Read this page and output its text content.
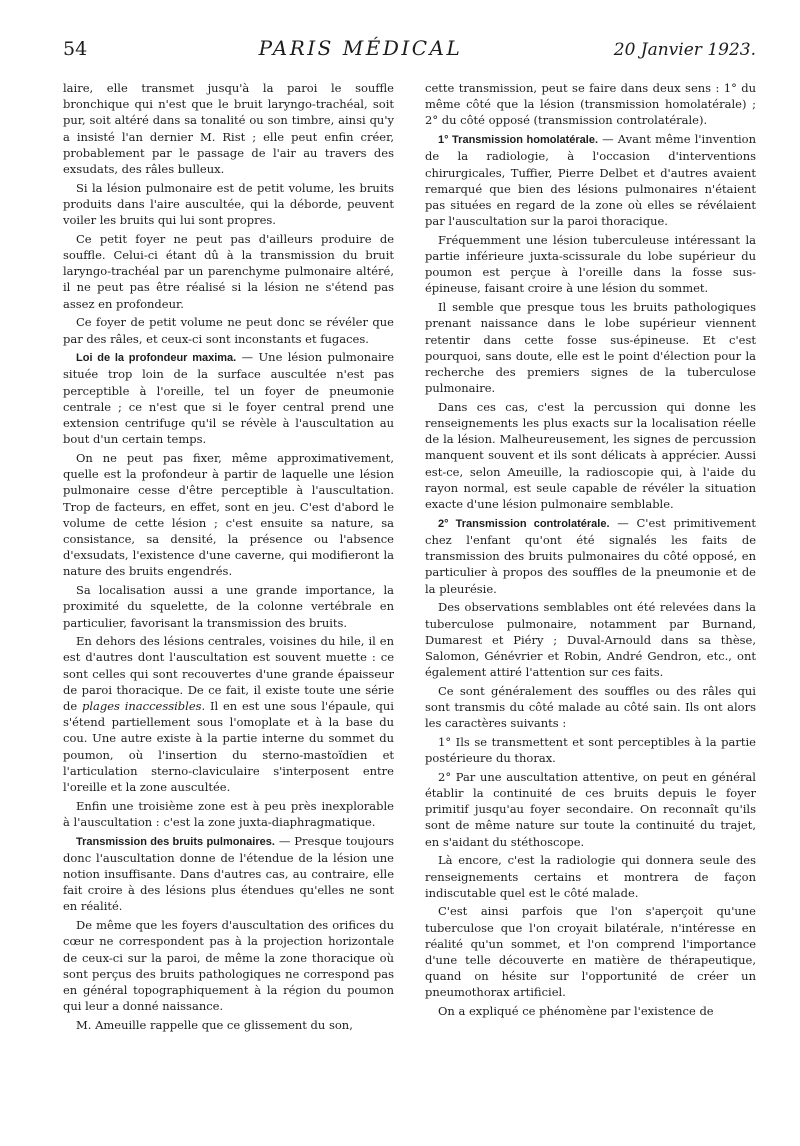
54	PARIS MÉDICAL	20 Janvier 1923.

laire, elle transmet jusqu'à la paroi le souffle bronchique qui n'est que le bruit laryngo-trachéal, soit pur, soit altéré dans sa tonalité ou son timbre, ainsi qu'y a insisté l'an dernier M. Rist ; elle peut enfin créer, probablement par le passage de l'air au travers des exsudats, des râles bulleux.

Si la lésion pulmonaire est de petit volume, les bruits produits dans l'aire auscultée, qui la déborde, peuvent voiler les bruits qui lui sont propres.

Ce petit foyer ne peut pas d'ailleurs produire de souffle. Celui-ci étant dû à la transmission du bruit laryngo-trachéal par un parenchyme pulmonaire altéré, il ne peut pas être réalisé si la lésion ne s'étend pas assez en profondeur.

Ce foyer de petit volume ne peut donc se révéler que par des râles, et ceux-ci sont inconstants et fugaces.

Loi de la profondeur maxima. — Une lésion pulmonaire située trop loin de la surface auscultée n'est pas perceptible à l'oreille, tel un foyer de pneumonie centrale ; ce n'est que si le foyer central prend une extension centrifuge qu'il se révèle à l'auscultation au bout d'un certain temps.

On ne peut pas fixer, même approximativement, quelle est la profondeur à partir de laquelle une lésion pulmonaire cesse d'être perceptible à l'auscultation. Trop de facteurs, en effet, sont en jeu. C'est d'abord le volume de cette lésion ; c'est ensuite sa nature, sa consistance, sa densité, la présence ou l'absence d'exsudats, l'existence d'une caverne, qui modifieront la nature des bruits engendrés.

Sa localisation aussi a une grande importance, la proximité du squelette, de la colonne vertébrale en particulier, favorisant la transmission des bruits.

En dehors des lésions centrales, voisines du hile, il en est d'autres dont l'auscultation est souvent muette : ce sont celles qui sont recouvertes d'une grande épaisseur de paroi thoracique. De ce fait, il existe toute une série de plages inaccessibles. Il en est une sous l'épaule, qui s'étend partiellement sous l'omoplate et à la base du cou. Une autre existe à la partie interne du sommet du poumon, où l'insertion du sterno-mastoïdien et l'articulation sterno-claviculaire s'interposent entre l'oreille et la zone auscultée.

Enfin une troisième zone est à peu près inexplorable à l'auscultation : c'est la zone juxta-diaphragmatique.

Transmission des bruits pulmonaires. — Presque toujours donc l'auscultation donne de l'étendue de la lésion une notion insuffisante. Dans d'autres cas, au contraire, elle fait croire à des lésions plus étendues qu'elles ne sont en réalité.

De même que les foyers d'auscultation des orifices du cœur ne correspondent pas à la projection horizontale de ceux-ci sur la paroi, de même la zone thoracique où sont perçus des bruits pathologiques ne correspond pas en général topographiquement à la région du poumon qui leur a donné naissance.

M. Ameuille rappelle que ce glissement du son,

cette transmission, peut se faire dans deux sens : 1° du même côté que la lésion (transmission homolatérale) ; 2° du côté opposé (transmission controlatérale).

1° Transmission homolatérale. — Avant même l'invention de la radiologie, à l'occasion d'interventions chirurgicales, Tuffier, Pierre Delbet et d'autres avaient remarqué que bien des lésions pulmonaires n'étaient pas situées en regard de la zone où elles se révélaient par l'auscultation sur la paroi thoracique.

Fréquemment une lésion tuberculeuse intéressant la partie inférieure juxta-scissurale du lobe supérieur du poumon est perçue à l'oreille dans la fosse sus-épineuse, faisant croire à une lésion du sommet.

Il semble que presque tous les bruits pathologiques prenant naissance dans le lobe supérieur viennent retentir dans cette fosse sus-épineuse. Et c'est pourquoi, sans doute, elle est le point d'élection pour la recherche des premiers signes de la tuberculose pulmonaire.

Dans ces cas, c'est la percussion qui donne les renseignements les plus exacts sur la localisation réelle de la lésion. Malheureusement, les signes de percussion manquent souvent et ils sont délicats à apprécier. Aussi est-ce, selon Ameuille, la radioscopie qui, à l'aide du rayon normal, est seule capable de révéler la situation exacte d'une lésion pulmonaire semblable.

2° Transmission controlatérale. — C'est primitivement chez l'enfant qu'ont été signalés les faits de transmission des bruits pulmonaires du côté opposé, en particulier à propos des souffles de la pneumonie et de la pleurésie.

Des observations semblables ont été relevées dans la tuberculose pulmonaire, notamment par Burnand, Dumarest et Piéry ; Duval-Arnould dans sa thèse, Salomon, Génévrier et Robin, André Gendron, etc., ont également attiré l'attention sur ces faits.

Ce sont généralement des souffles ou des râles qui sont transmis du côté malade au côté sain. Ils ont alors les caractères suivants :

1° Ils se transmettent et sont perceptibles à la partie postérieure du thorax.

2° Par une auscultation attentive, on peut en général établir la continuité de ces bruits depuis le foyer primitif jusqu'au foyer secondaire. On reconnaît qu'ils sont de même nature sur toute la continuité du trajet, en s'aidant du stéthoscope.

Là encore, c'est la radiologie qui donnera seule des renseignements certains et montrera de façon indiscutable quel est le côté malade.

C'est ainsi parfois que l'on s'aperçoit qu'une tuberculose que l'on croyait bilatérale, n'intéresse en réalité qu'un sommet, et l'on comprend l'importance d'une telle découverte en matière de thérapeutique, quand on hésite sur l'opportunité de créer un pneumothorax artificiel.

On a expliqué ce phénomène par l'existence de
